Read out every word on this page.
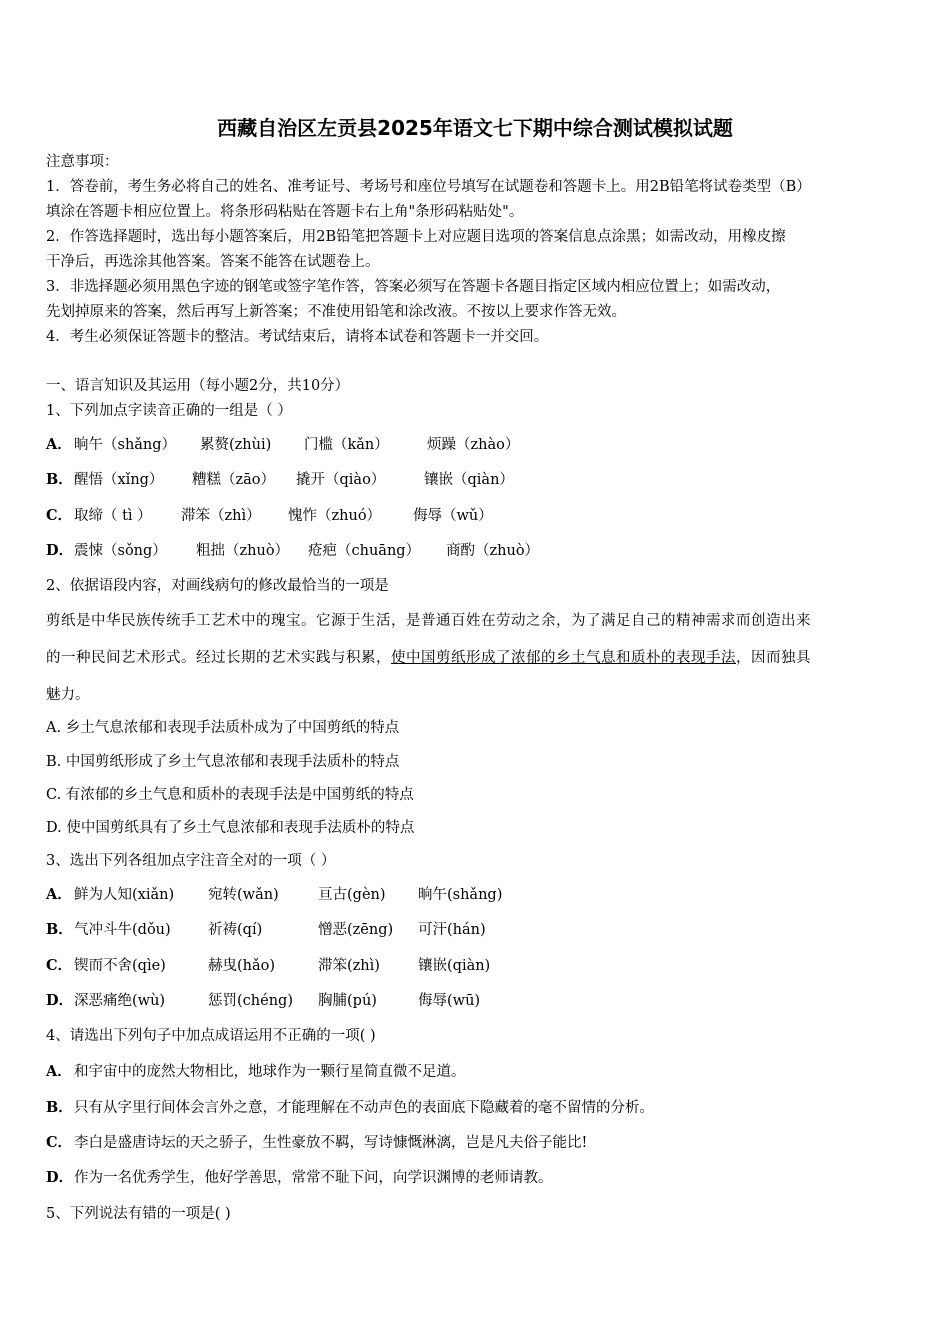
西藏自治区左贡县2025年语文七下期中综合测试模拟试题
注意事项：
1．答卷前，考生务必将自己的姓名、准考证号、考场号和座位号填写在试题卷和答题卡上。用2B铅笔将试卷类型（B）
填涂在答题卡相应位置上。将条形码粘贴在答题卡右上角"条形码粘贴处"。
2．作答选择题时，选出每小题答案后，用2B铅笔把答题卡上对应题目选项的答案信息点涂黑；如需改动，用橡皮擦
干净后，再选涂其他答案。答案不能答在试题卷上。
3．非选择题必须用黑色字迹的钢笔或签字笔作答，答案必须写在答题卡各题目指定区域内相应位置上；如需改动，
先划掉原来的答案，然后再写上新答案；不准使用铅笔和涂改液。不按以上要求作答无效。
4．考生必须保证答题卡的整洁。考试结束后，请将本试卷和答题卡一并交回。
一、语言知识及其运用（每小题2分，共10分）
1、下列加点字读音正确的一组是（ ）
A． 晌午（shǎng） 累赘(zhùi) 门槛（kǎn）	烦躁（zhào）
B． 醒悟（xǐng） 糟糕（zāo） 撬开（qiào）	镶嵌（qiàn）
C． 取缔（ tì ） 滞笨（zhì） 愧怍（zhuó） 侮辱（wǔ）
D． 震悚（sǒng） 粗拙（zhuò） 疮疤（chuāng） 商酌（zhuò）
2、依据语段内容，对画线病句的修改最恰当的一项是
剪纸是中华民族传统手工艺术中的瑰宝。它源于生活，是普通百姓在劳动之余，为了满足自己的精神需求而创造出来
的一种民间艺术形式。经过长期的艺术实践与积累，使中国剪纸形成了浓郁的乡土气息和质朴的表现手法，因而独具
魅力。
A. 乡土气息浓郁和表现手法质朴成为了中国剪纸的特点
B. 中国剪纸形成了乡土气息浓郁和表现手法质朴的特点
C. 有浓郁的乡土气息和质朴的表现手法是中国剪纸的特点
D. 使中国剪纸具有了乡土气息浓郁和表现手法质朴的特点
3、选出下列各组加点字注音全对的一项（ ）
A． 鲜为人知(xiǎn) 宛转(wǎn)	亘古(gèn) 晌午(shǎng)
B． 气冲斗牛(dǒu)	祈祷(qí)	憎恶(zēng) 可汗(hán)
C． 锲而不舍(qìe)	赫曳(hǎo)	滞笨(zhì)	镶嵌(qiàn)
D． 深恶痛绝(wù)	惩罚(chéng) 胸脯(pú)	侮辱(wū)
4、请选出下列句子中加点成语运用不正确的一项( )
A． 和宇宙中的庞然大物相比，地球作为一颗行星简直微不足道。
B． 只有从字里行间体会言外之意，才能理解在不动声色的表面底下隐藏着的毫不留情的分析。
C． 李白是盛唐诗坛的天之骄子，生性豪放不羁，写诗慷慨淋漓，岂是凡夫俗子能比!
D． 作为一名优秀学生，他好学善思，常常不耻下问，向学识渊博的老师请教。
5、下列说法有错的一项是( )
